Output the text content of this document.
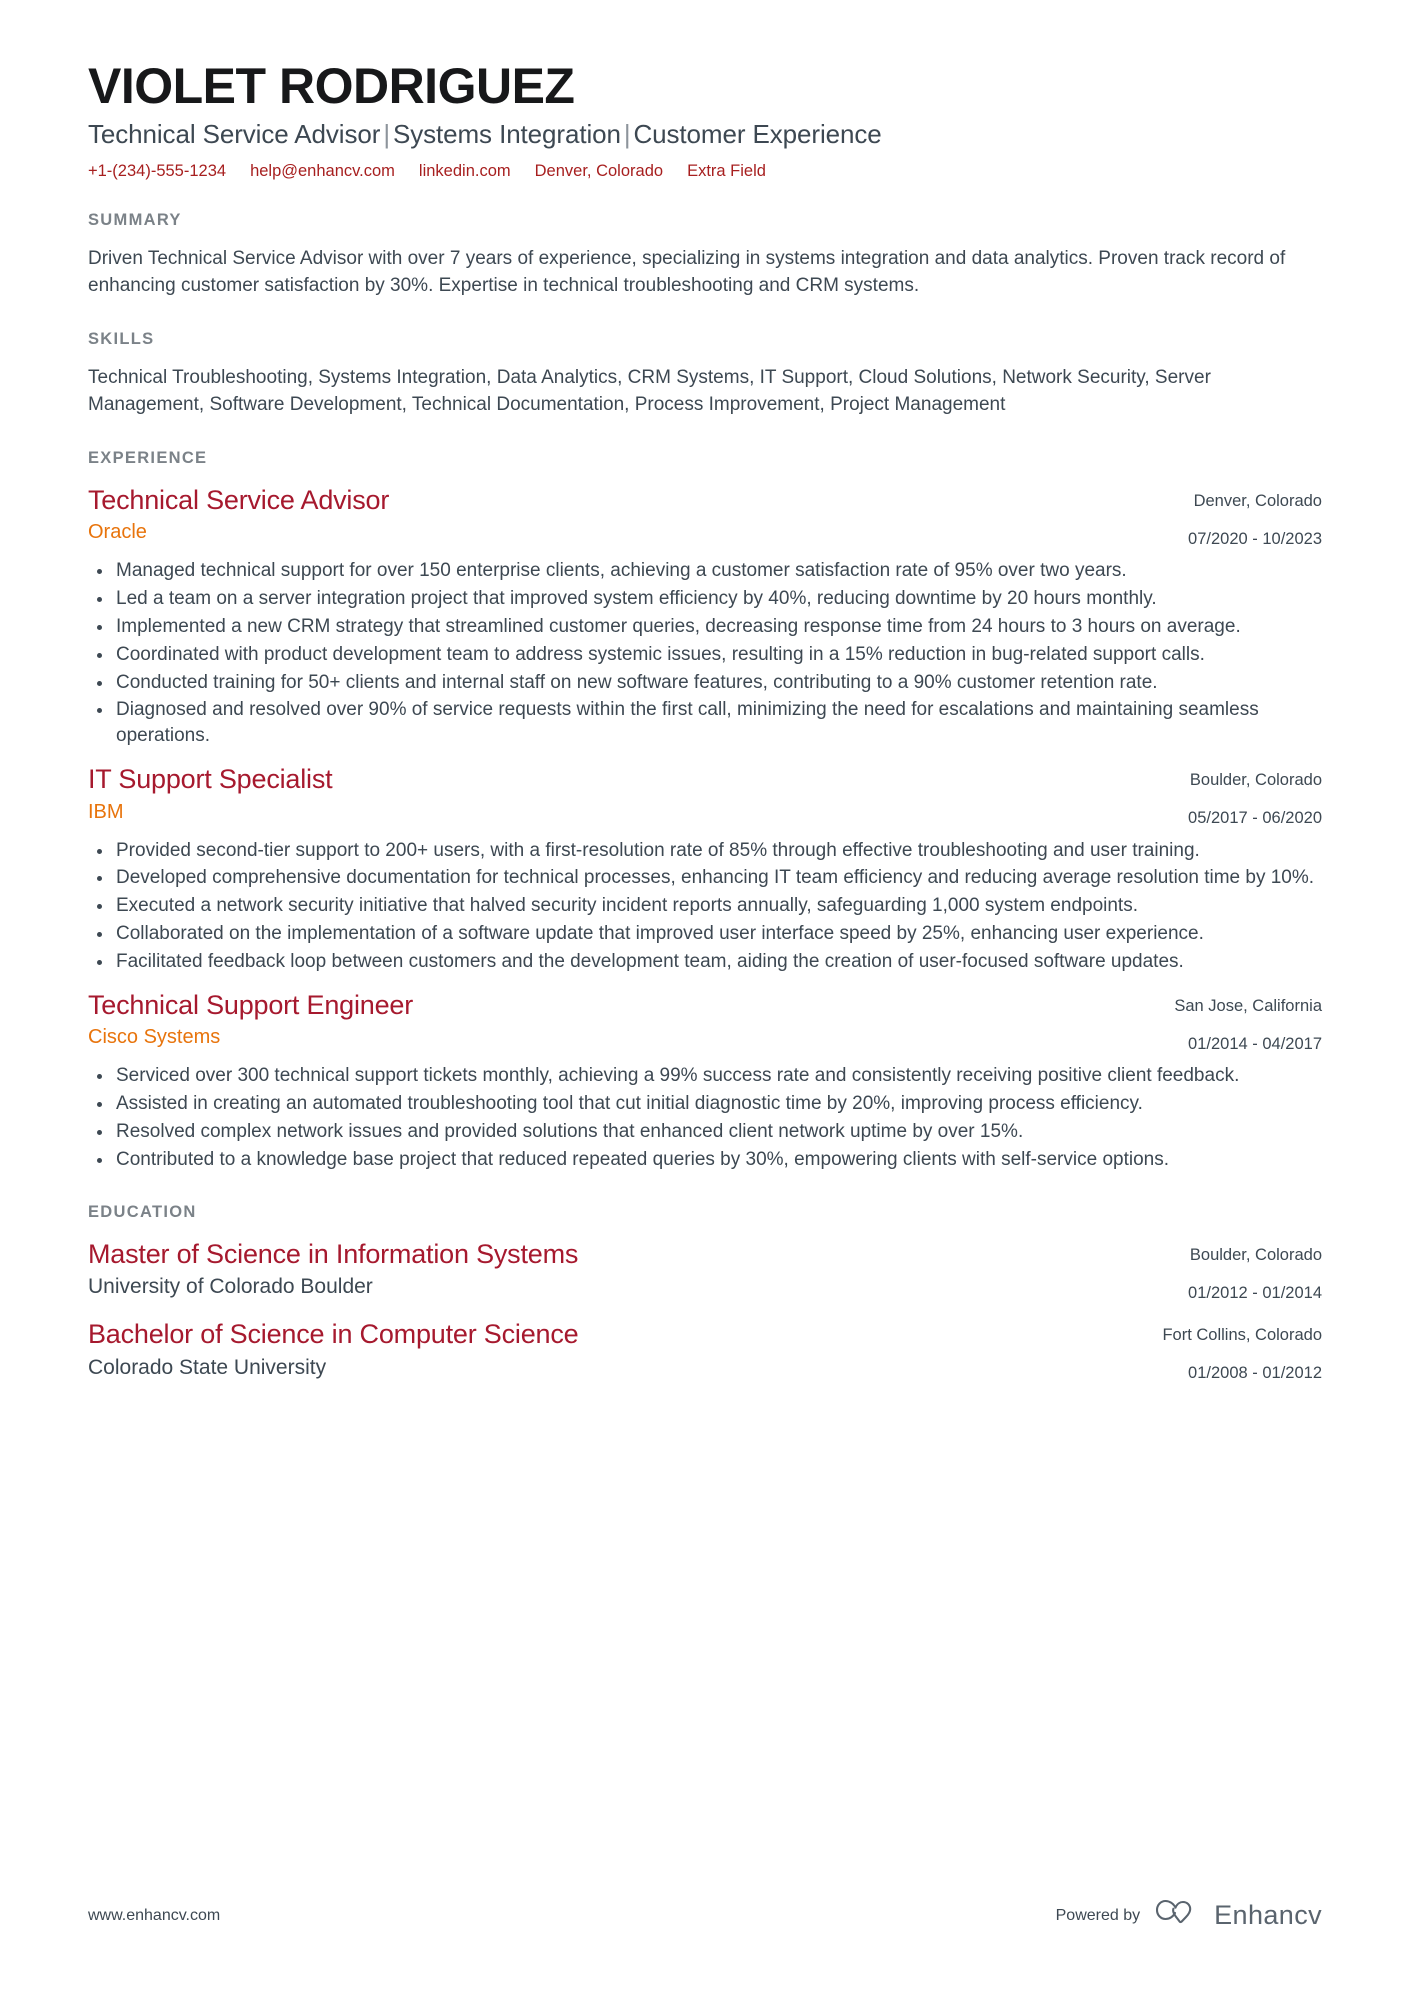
VIOLET RODRIGUEZ
Technical Service Advisor | Systems Integration | Customer Experience
+1-(234)-555-1234 help@enhancv.com linkedin.com Denver, Colorado Extra Field
SUMMARY
Driven Technical Service Advisor with over 7 years of experience, specializing in systems integration and data analytics. Proven track record of enhancing customer satisfaction by 30%. Expertise in technical troubleshooting and CRM systems.
SKILLS
Technical Troubleshooting, Systems Integration, Data Analytics, CRM Systems, IT Support, Cloud Solutions, Network Security, Server Management, Software Development, Technical Documentation, Process Improvement, Project Management
EXPERIENCE
Technical Service Advisor
Oracle
Denver, Colorado
07/2020 - 10/2023
Managed technical support for over 150 enterprise clients, achieving a customer satisfaction rate of 95% over two years.
Led a team on a server integration project that improved system efficiency by 40%, reducing downtime by 20 hours monthly.
Implemented a new CRM strategy that streamlined customer queries, decreasing response time from 24 hours to 3 hours on average.
Coordinated with product development team to address systemic issues, resulting in a 15% reduction in bug-related support calls.
Conducted training for 50+ clients and internal staff on new software features, contributing to a 90% customer retention rate.
Diagnosed and resolved over 90% of service requests within the first call, minimizing the need for escalations and maintaining seamless operations.
IT Support Specialist
IBM
Boulder, Colorado
05/2017 - 06/2020
Provided second-tier support to 200+ users, with a first-resolution rate of 85% through effective troubleshooting and user training.
Developed comprehensive documentation for technical processes, enhancing IT team efficiency and reducing average resolution time by 10%.
Executed a network security initiative that halved security incident reports annually, safeguarding 1,000 system endpoints.
Collaborated on the implementation of a software update that improved user interface speed by 25%, enhancing user experience.
Facilitated feedback loop between customers and the development team, aiding the creation of user-focused software updates.
Technical Support Engineer
Cisco Systems
San Jose, California
01/2014 - 04/2017
Serviced over 300 technical support tickets monthly, achieving a 99% success rate and consistently receiving positive client feedback.
Assisted in creating an automated troubleshooting tool that cut initial diagnostic time by 20%, improving process efficiency.
Resolved complex network issues and provided solutions that enhanced client network uptime by over 15%.
Contributed to a knowledge base project that reduced repeated queries by 30%, empowering clients with self-service options.
EDUCATION
Master of Science in Information Systems
University of Colorado Boulder
Boulder, Colorado
01/2012 - 01/2014
Bachelor of Science in Computer Science
Colorado State University
Fort Collins, Colorado
01/2008 - 01/2012
www.enhancv.com	Powered by	Enhancv
